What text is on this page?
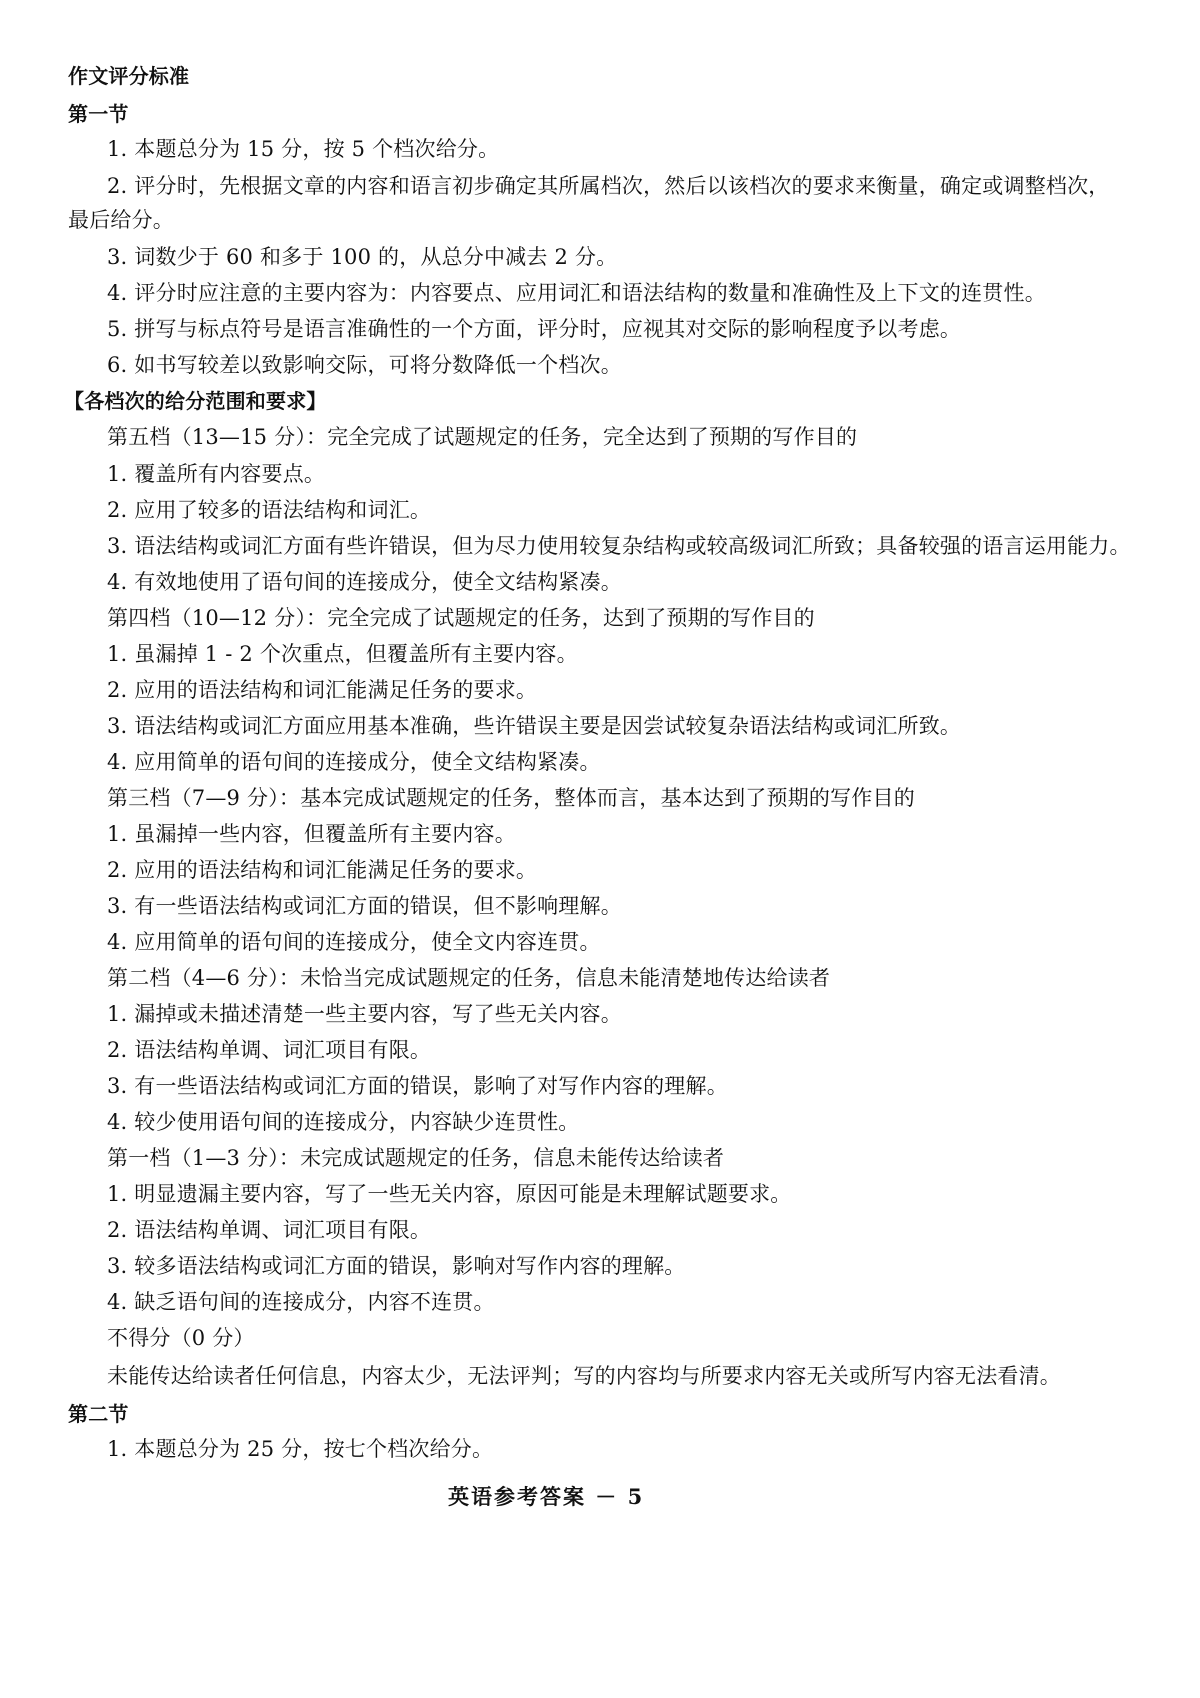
作文评分标准
第一节
1. 本题总分为 15 分，按 5 个档次给分。
2. 评分时，先根据文章的内容和语言初步确定其所属档次，然后以该档次的要求来衡量，确定或调整档次，
最后给分。
3. 词数少于 60 和多于 100 的，从总分中减去 2 分。
4. 评分时应注意的主要内容为：内容要点、应用词汇和语法结构的数量和准确性及上下文的连贯性。
5. 拼写与标点符号是语言准确性的一个方面，评分时，应视其对交际的影响程度予以考虑。
6. 如书写较差以致影响交际，可将分数降低一个档次。
【各档次的给分范围和要求】
第五档（13—15 分）：完全完成了试题规定的任务，完全达到了预期的写作目的
1. 覆盖所有内容要点。
2. 应用了较多的语法结构和词汇。
3. 语法结构或词汇方面有些许错误，但为尽力使用较复杂结构或较高级词汇所致；具备较强的语言运用能力。
4. 有效地使用了语句间的连接成分，使全文结构紧凑。
第四档（10—12 分）：完全完成了试题规定的任务，达到了预期的写作目的
1. 虽漏掉 1 - 2 个次重点，但覆盖所有主要内容。
2. 应用的语法结构和词汇能满足任务的要求。
3. 语法结构或词汇方面应用基本准确，些许错误主要是因尝试较复杂语法结构或词汇所致。
4. 应用简单的语句间的连接成分，使全文结构紧凑。
第三档（7—9 分）：基本完成试题规定的任务，整体而言，基本达到了预期的写作目的
1. 虽漏掉一些内容，但覆盖所有主要内容。
2. 应用的语法结构和词汇能满足任务的要求。
3. 有一些语法结构或词汇方面的错误，但不影响理解。
4. 应用简单的语句间的连接成分，使全文内容连贯。
第二档（4—6 分）：未恰当完成试题规定的任务，信息未能清楚地传达给读者
1. 漏掉或未描述清楚一些主要内容，写了些无关内容。
2. 语法结构单调、词汇项目有限。
3. 有一些语法结构或词汇方面的错误，影响了对写作内容的理解。
4. 较少使用语句间的连接成分，内容缺少连贯性。
第一档（1—3 分）：未完成试题规定的任务，信息未能传达给读者
1. 明显遗漏主要内容，写了一些无关内容，原因可能是未理解试题要求。
2. 语法结构单调、词汇项目有限。
3. 较多语法结构或词汇方面的错误，影响对写作内容的理解。
4. 缺乏语句间的连接成分，内容不连贯。
不得分（0 分）
未能传达给读者任何信息，内容太少，无法评判；写的内容均与所要求内容无关或所写内容无法看清。
第二节
1. 本题总分为 25 分，按七个档次给分。
英语参考答案 － 5
